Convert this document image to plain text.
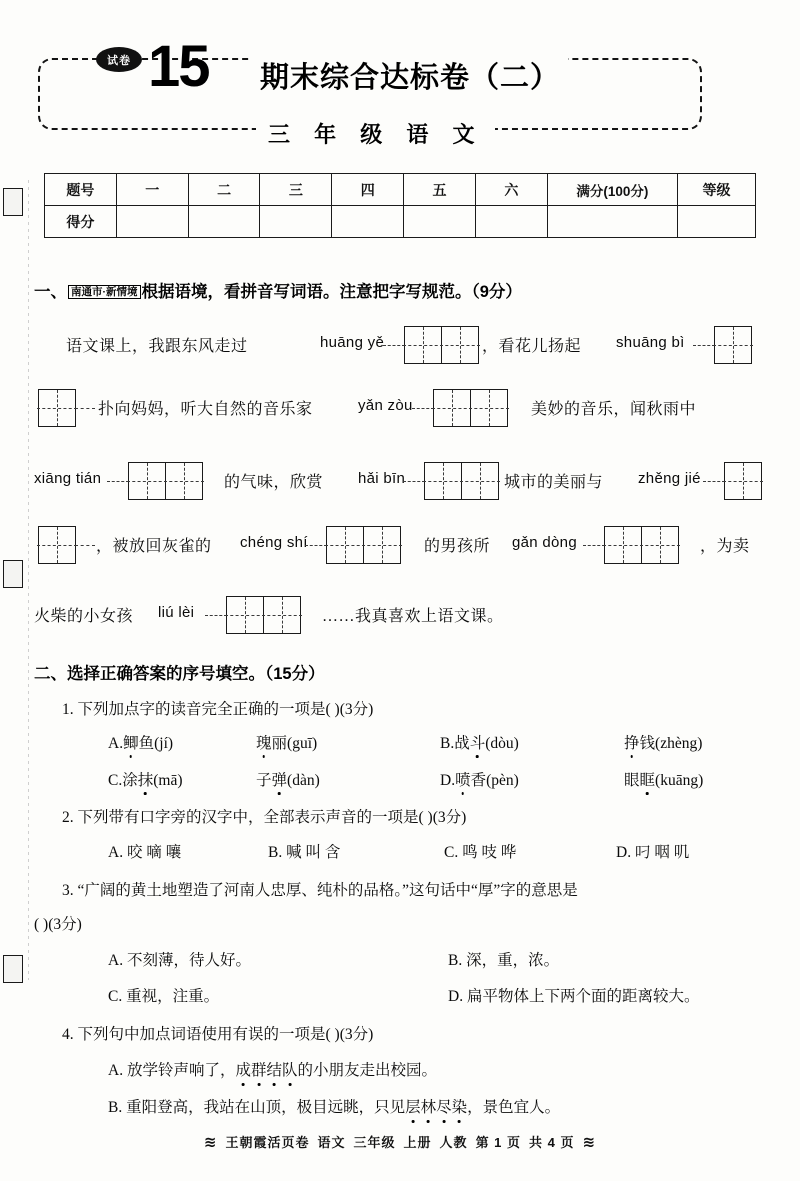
试卷 15 期末综合达标卷（二）
三 年 级 语 文
题号	一	二	三	四	五	六	满分(100分)	等级
得分								
一、 南通市·新情境 根据语境，看拼音写词语。注意把字写规范。（9分）
语文课上，我跟东风走过	huāng yě	，看花儿扬起 shuāng bì
扑向妈妈，听大自然的音乐家	yǎn zòu	美妙的音乐，闻秋雨中
xiāng tián	的气味，欣赏 hǎi bīn	城市的美丽与 zhěng jié
，被放回灰雀的 chéng shí	的男孩所 gǎn dòng	，为卖
火柴的小女孩 liú lèi	……我真喜欢上语文课。
二、选择正确答案的序号填空。（15分）
1. 下列加点字的读音完全正确的一项是( )(3分)
A.鲫鱼(jí)	瑰丽(guī)	B.战斗(dòu)	挣钱(zhèng)
C.涂抹(mā)	子弹(dàn)	D.喷香(pèn)	眼眶(kuāng)
2. 下列带有口字旁的汉字中，全部表示声音的一项是( )(3分)
A. 咬 嘀 嚷	B. 喊 叫 含	C. 鸣 吱 哗	D. 叼 咽 叽
3. “广阔的黄土地塑造了河南人忠厚、纯朴的品格。”这句话中“厚”字的意思是
( )(3分)
A. 不刻薄，待人好。	B. 深，重，浓。
C. 重视，注重。	D. 扁平物体上下两个面的距离较大。
4. 下列句中加点词语使用有误的一项是( )(3分)
A. 放学铃声响了，成群结队的小朋友走出校园。
B. 重阳登高，我站在山顶，极目远眺，只见层林尽染，景色宜人。
≋ 王朝霞活页卷 语文 三年级 上册 人教 第 1 页 共 4 页 ≋
